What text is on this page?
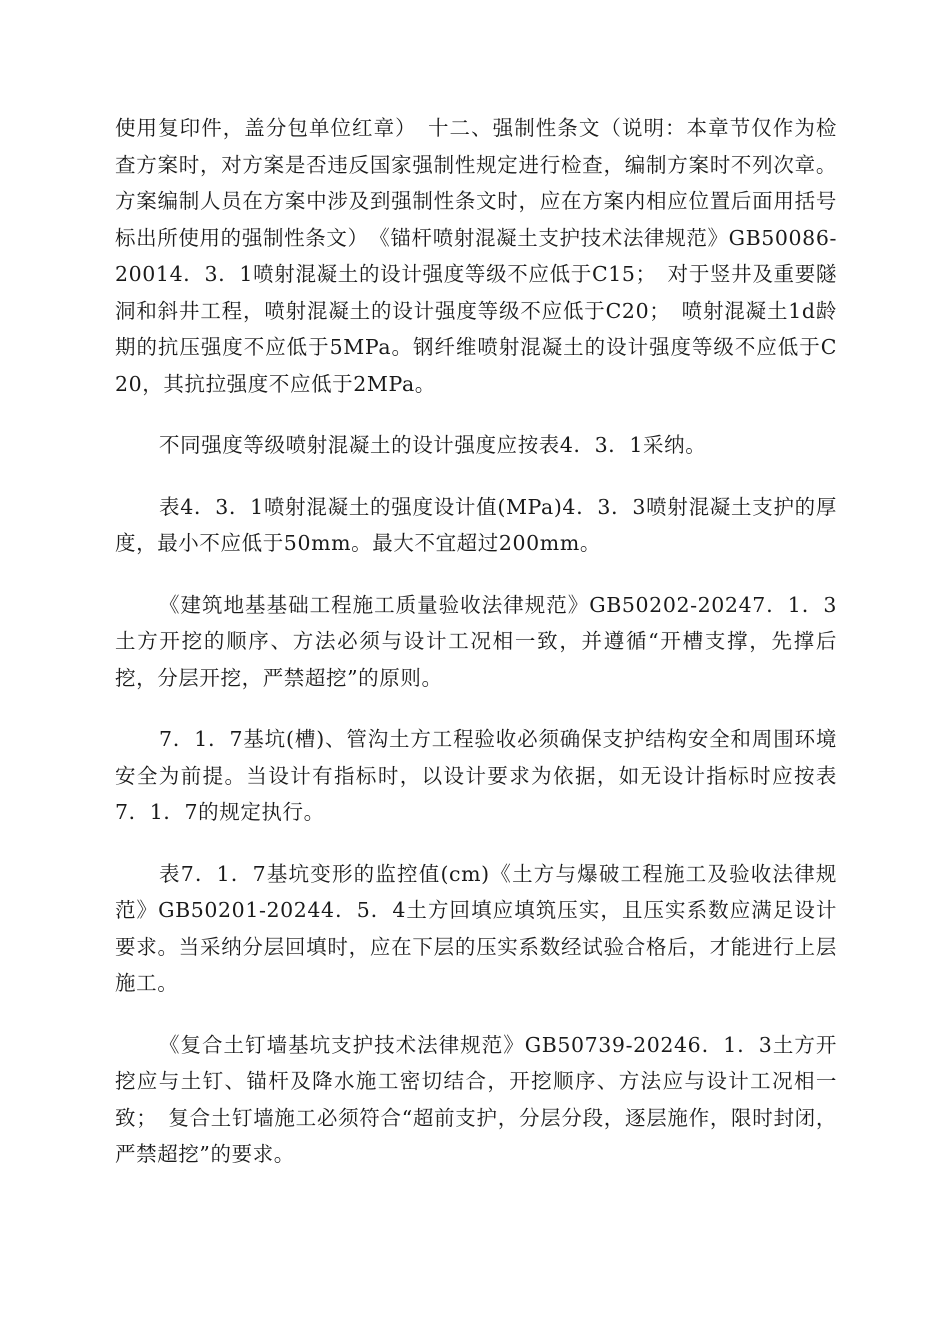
使用复印件，盖分包单位红章）　十二、强制性条文（说明：本章节仅作为检查方案时，对方案是否违反国家强制性规定进行检查，编制方案时不列次章。方案编制人员在方案中涉及到强制性条文时，应在方案内相应位置后面用括号标出所使用的强制性条文）　《锚杆喷射混凝土支护技术法律规范》GB50086-20014．3．1喷射混凝土的设计强度等级不应低于C15；　对于竖井及重要隧洞和斜井工程，喷射混凝土的设计强度等级不应低于C20；　喷射混凝土1d龄期的抗压强度不应低于5MPa。钢纤维喷射混凝土的设计强度等级不应低于C20，其抗拉强度不应低于2MPa。

不同强度等级喷射混凝土的设计强度应按表4．3．1采纳。

表4．3．1喷射混凝土的强度设计值(MPa)4．3．3喷射混凝土支护的厚度，最小不应低于50mm。最大不宜超过200mm。

《建筑地基基础工程施工质量验收法律规范》GB50202-20247．1．3土方开挖的顺序、方法必须与设计工况相一致，并遵循“开槽支撑，先撑后挖，分层开挖，严禁超挖”的原则。

7．1．7基坑(槽)、管沟土方工程验收必须确保支护结构安全和周围环境安全为前提。当设计有指标时，以设计要求为依据，如无设计指标时应按表7．1．7的规定执行。

表7．1．7基坑变形的监控值(cm)《土方与爆破工程施工及验收法律规范》GB50201-20244．5．4土方回填应填筑压实，且压实系数应满足设计要求。当采纳分层回填时，应在下层的压实系数经试验合格后，才能进行上层施工。

《复合土钉墙基坑支护技术法律规范》GB50739-20246．1．3土方开挖应与土钉、锚杆及降水施工密切结合，开挖顺序、方法应与设计工况相一致；　复合土钉墙施工必须符合“超前支护，分层分段，逐层施作，限时封闭，严禁超挖”的要求。
